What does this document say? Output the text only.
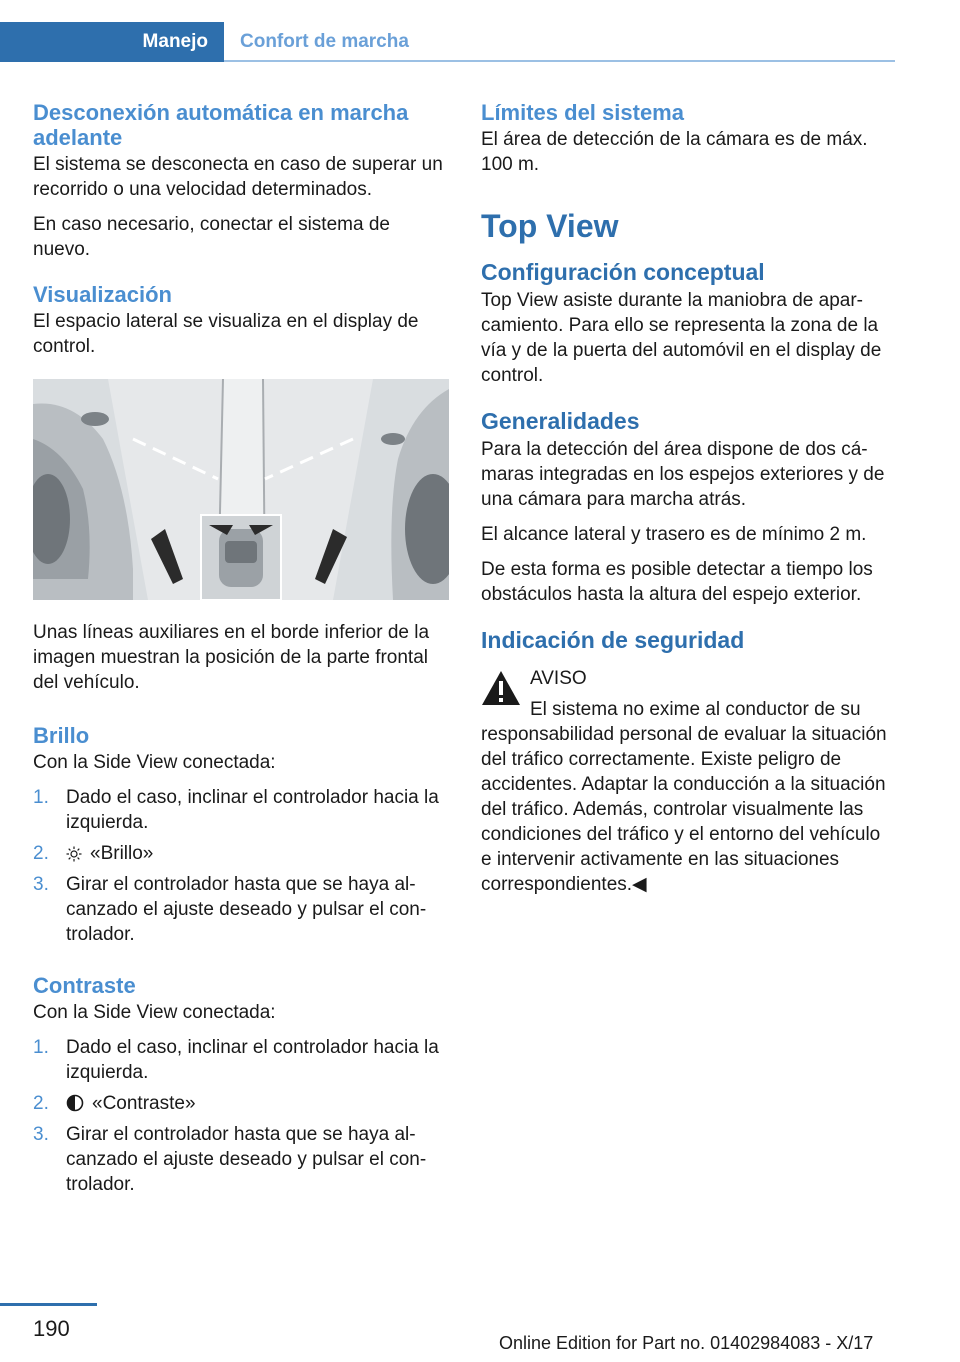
Manejo	Confort de marcha
Desconexión automática en marcha adelante

El sistema se desconecta en caso de superar un recorrido o una velocidad determinados.

En caso necesario, conectar el sistema de nuevo.

Visualización

El espacio lateral se visualiza en el display de control.

Unas líneas auxiliares en el borde inferior de la imagen muestran la posición de la parte frontal del vehículo.

Brillo

Con la Side View conectada:

1. Dado el caso, inclinar el controlador hacia la izquierda.
2. «Brillo»
3. Girar el controlador hasta que se haya alcanzado el ajuste deseado y pulsar el controlador.
Contraste

Con la Side View conectada:

1. Dado el caso, inclinar el controlador hacia la izquierda.
2. «Contraste»
3. Girar el controlador hasta que se haya alcanzado el ajuste deseado y pulsar el controlador.
Límites del sistema

El área de detección de la cámara es de máx. 100 m.

Top View
Configuración conceptual

Top View asiste durante la maniobra de aparcamiento. Para ello se representa la zona de la vía y de la puerta del automóvil en el display de control.

Generalidades

Para la detección del área dispone de dos cámaras integradas en los espejos exteriores y de una cámara para marcha atrás.

El alcance lateral y trasero es de mínimo 2 m.

De esta forma es posible detectar a tiempo los obstáculos hasta la altura del espejo exterior.

Indicación de seguridad

AVISO

El sistema no exime al conductor de su

responsabilidad personal de evaluar la situación del tráfico correctamente. Existe peligro de accidentes. Adaptar la conducción a la situación del tráfico. Además, controlar visualmente las condiciones del tráfico y el entorno del vehículo e intervenir activamente en las situaciones correspondientes.◀

190
Online Edition for Part no. 01402984083 - X/17
